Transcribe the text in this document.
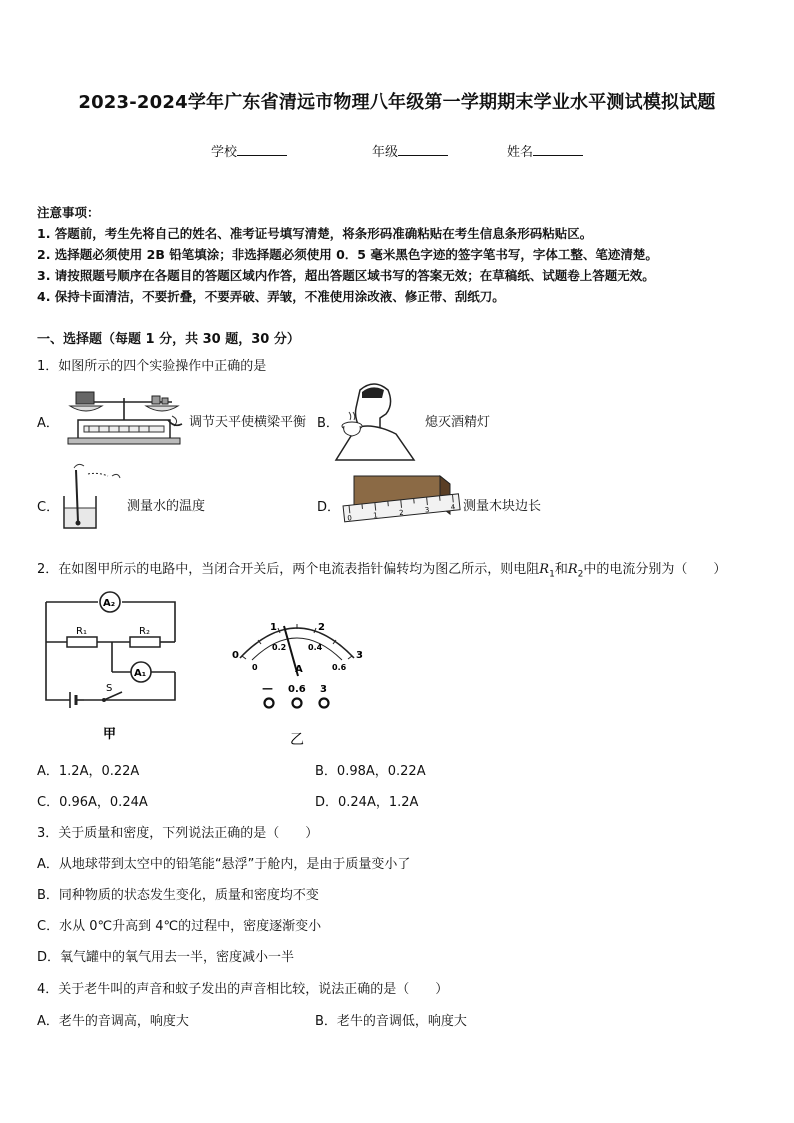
2023-2024学年广东省清远市物理八年级第一学期期末学业水平测试模拟试题
学校	年级	姓名
注意事项：
1. 答题前，考生先将自己的姓名、准考证号填写清楚，将条形码准确粘贴在考生信息条形码粘贴区。
2. 选择题必须使用 2B 铅笔填涂；非选择题必须使用 0．5 毫米黑色字迹的签字笔书写，字体工整、笔迹清楚。
3. 请按照题号顺序在各题目的答题区域内作答，超出答题区域书写的答案无效；在草稿纸、试题卷上答题无效。
4. 保持卡面清洁，不要折叠，不要弄破、弄皱，不准使用涂改液、修正带、刮纸刀。
一、选择题（每题 1 分，共 30 题，30 分）
1．如图所示的四个实验操作中正确的是
A．	调节天平使横梁平衡 B．	熄灭酒精灯
C．	测量水的温度	D．
0	1	2	3	4 测量木块边长
2．在如图甲所示的电路中，当闭合开关后，两个电流表指针偏转均为图乙所示，则电阻$R_1$和$R_2$中的电流分别为（　　）
A₂
A₁
R₁	R₂
S
甲
0
1	2
3
0
0.2	0.4
0.6
A
— 0.6 3
乙
A．1.2A，0.22A	B．0.98A，0.22A
C．0.96A，0.24A	D．0.24A，1.2A
3．关于质量和密度，下列说法正确的是（　　）
A．从地球带到太空中的铅笔能“悬浮”于舱内，是由于质量变小了
B．同种物质的状态发生变化，质量和密度均不变
C．水从 0℃升高到 4℃的过程中，密度逐渐变小
D．氧气罐中的氧气用去一半，密度减小一半
4．关于老牛叫的声音和蚊子发出的声音相比较，说法正确的是（　　）
A．老牛的音调高，响度大	B．老牛的音调低，响度大
